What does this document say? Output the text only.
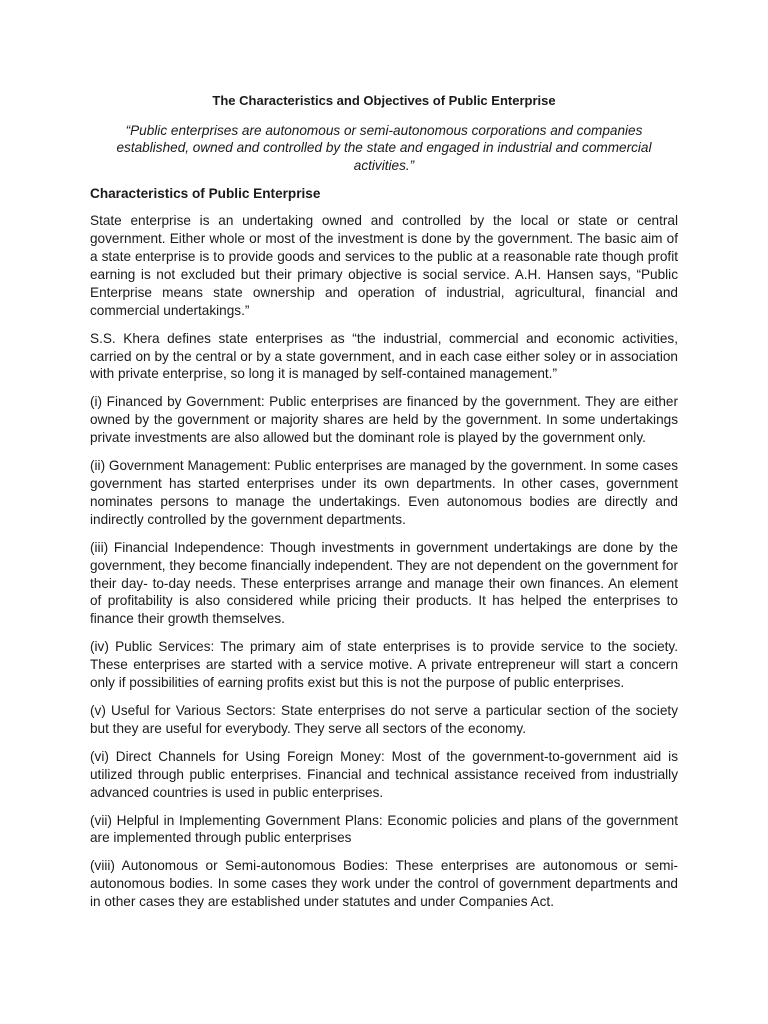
The Characteristics and Objectives of Public Enterprise

“Public enterprises are autonomous or semi-autonomous corporations and companies established, owned and controlled by the state and engaged in industrial and commercial activities.”

Characteristics of Public Enterprise

State enterprise is an undertaking owned and controlled by the local or state or central government. Either whole or most of the investment is done by the government. The basic aim of a state enterprise is to provide goods and services to the public at a reasonable rate though profit earning is not excluded but their primary objective is social service. A.H. Hansen says, “Public Enterprise means state ownership and operation of industrial, agricultural, financial and commercial undertakings.”

S.S. Khera defines state enterprises as “the industrial, commercial and economic activities, carried on by the central or by a state government, and in each case either soley or in association with private enterprise, so long it is managed by self-contained management.”

(i) Financed by Government: Public enterprises are financed by the government. They are either owned by the government or majority shares are held by the government. In some undertakings private investments are also allowed but the dominant role is played by the government only.

(ii) Government Management: Public enterprises are managed by the government. In some cases government has started enterprises under its own departments. In other cases, government nominates persons to manage the undertakings. Even autonomous bodies are directly and indirectly controlled by the government departments.

(iii) Financial Independence: Though investments in government undertakings are done by the government, they become financially independent. They are not dependent on the government for their day- to-day needs. These enterprises arrange and manage their own finances. An element of profitability is also considered while pricing their products. It has helped the enterprises to finance their growth themselves.

(iv) Public Services: The primary aim of state enterprises is to provide service to the society. These enterprises are started with a service motive. A private entrepreneur will start a concern only if possibilities of earning profits exist but this is not the purpose of public enterprises.

(v) Useful for Various Sectors: State enterprises do not serve a particular section of the society but they are useful for everybody. They serve all sectors of the economy.

(vi) Direct Channels for Using Foreign Money: Most of the government-to-government aid is utilized through public enterprises. Financial and technical assistance received from industrially advanced countries is used in public enterprises.

(vii) Helpful in Implementing Government Plans: Economic policies and plans of the government are implemented through public enterprises

(viii) Autonomous or Semi-autonomous Bodies: These enterprises are autonomous or semi-autonomous bodies. In some cases they work under the control of government departments and in other cases they are established under statutes and under Companies Act.
